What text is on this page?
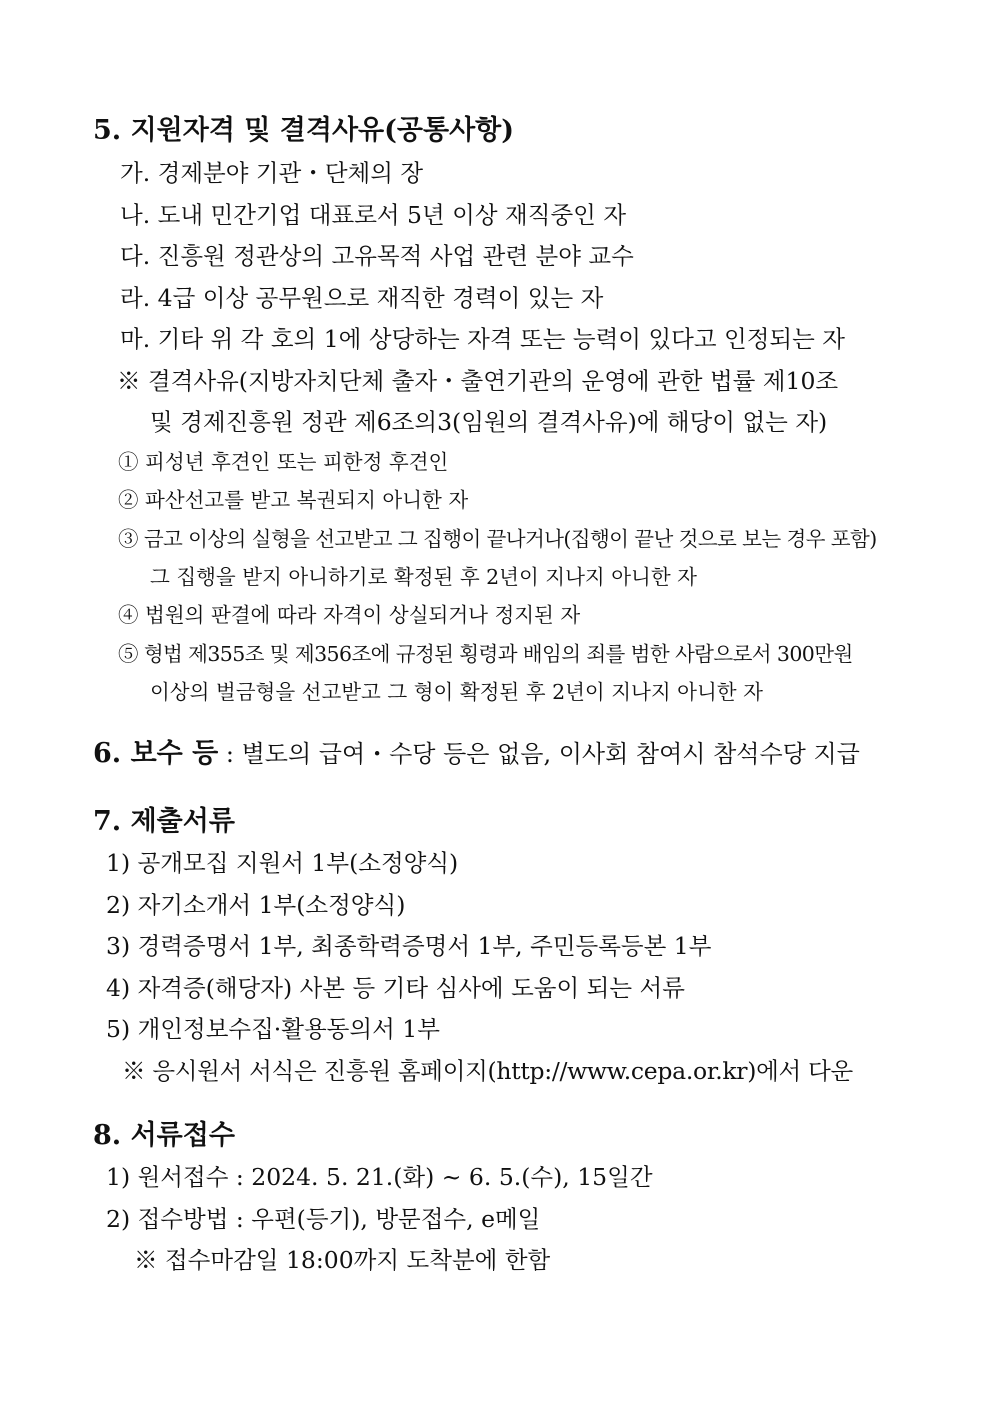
5. 지원자격 및 결격사유(공통사항)
가. 경제분야 기관・단체의 장
나. 도내 민간기업 대표로서 5년 이상 재직중인 자
다. 진흥원 정관상의 고유목적 사업 관련 분야 교수
라. 4급 이상 공무원으로 재직한 경력이 있는 자
마. 기타 위 각 호의 1에 상당하는 자격 또는 능력이 있다고 인정되는 자
※ 결격사유(지방자치단체 출자・출연기관의 운영에 관한 법률 제10조
및 경제진흥원 정관 제6조의3(임원의 결격사유)에 해당이 없는 자)
① 피성년 후견인 또는 피한정 후견인
② 파산선고를 받고 복권되지 아니한 자
③ 금고 이상의 실형을 선고받고 그 집행이 끝나거나(집행이 끝난 것으로 보는 경우 포함)
그 집행을 받지 아니하기로 확정된 후 2년이 지나지 아니한 자
④ 법원의 판결에 따라 자격이 상실되거나 정지된 자
⑤ 형법 제355조 및 제356조에 규정된 횡령과 배임의 죄를 범한 사람으로서 300만원
이상의 벌금형을 선고받고 그 형이 확정된 후 2년이 지나지 아니한 자
6. 보수 등 : 별도의 급여・수당 등은 없음, 이사회 참여시 참석수당 지급
7. 제출서류
1) 공개모집 지원서 1부(소정양식)
2) 자기소개서 1부(소정양식)
3) 경력증명서 1부, 최종학력증명서 1부, 주민등록등본 1부
4) 자격증(해당자) 사본 등 기타 심사에 도움이 되는 서류
5) 개인정보수집·활용동의서 1부
※ 응시원서 서식은 진흥원 홈페이지(http://www.cepa.or.kr)에서 다운
8. 서류접수
1) 원서접수 : 2024. 5. 21.(화) ~ 6. 5.(수), 15일간
2) 접수방법 : 우편(등기), 방문접수, e메일
※ 접수마감일 18:00까지 도착분에 한함
